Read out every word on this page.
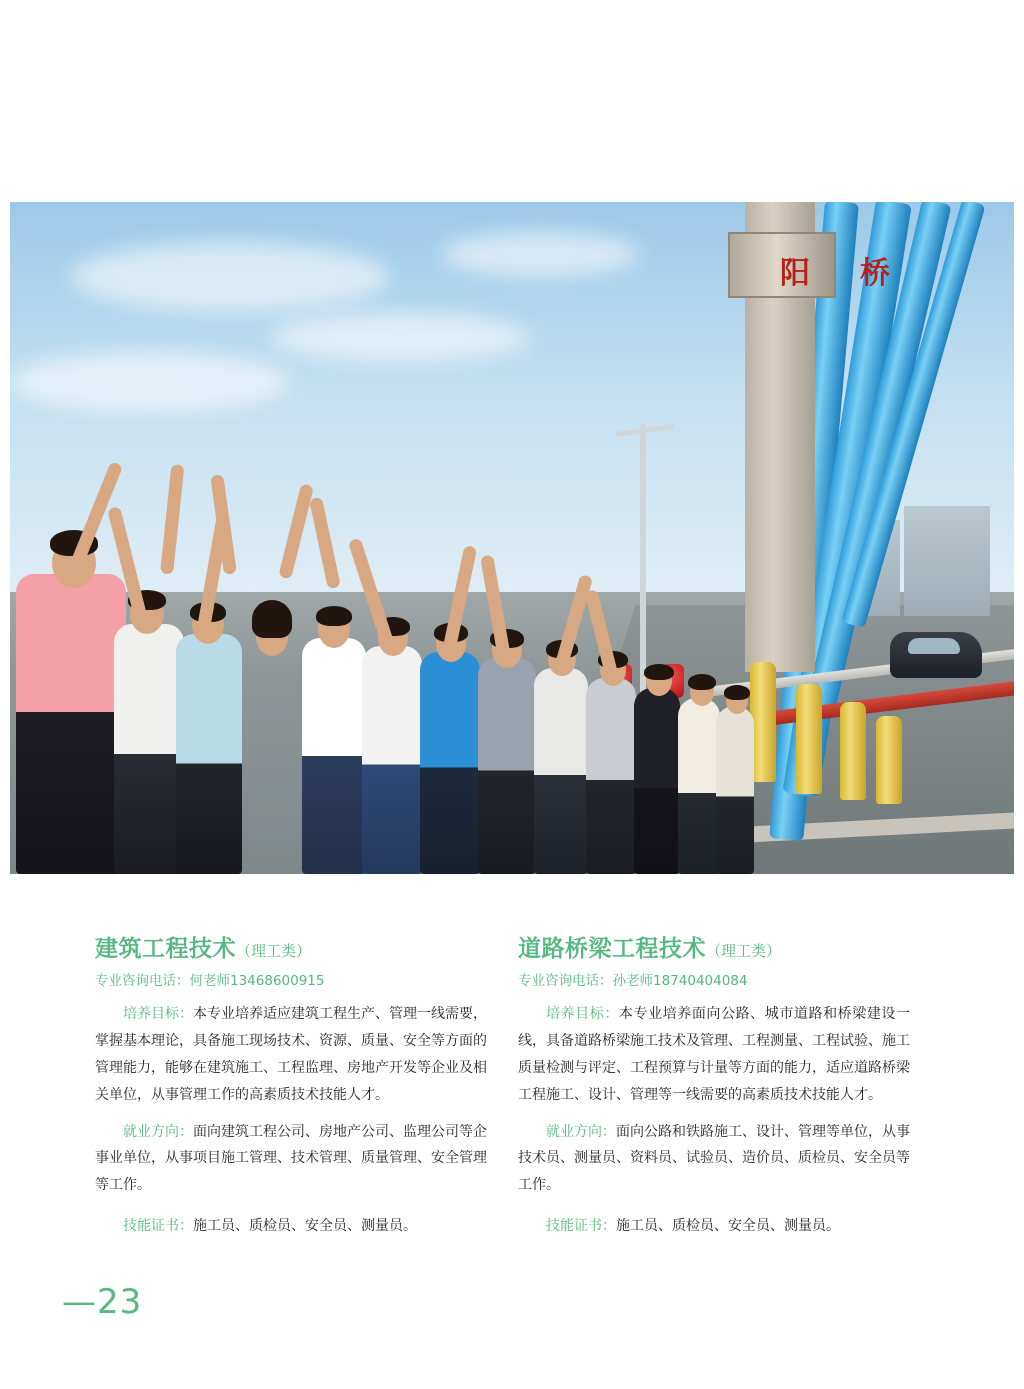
阳 桥
建筑工程技术（理工类）

专业咨询电话：何老师13468600915

培养目标：本专业培养适应建筑工程生产、管理一线需要，掌握基本理论，具备施工现场技术、资源、质量、安全等方面的管理能力，能够在建筑施工、工程监理、房地产开发等企业及相关单位，从事管理工作的高素质技术技能人才。

就业方向：面向建筑工程公司、房地产公司、监理公司等企事业单位，从事项目施工管理、技术管理、质量管理、安全管理等工作。

技能证书：施工员、质检员、安全员、测量员。

道路桥梁工程技术（理工类）

专业咨询电话：孙老师18740404084

培养目标：本专业培养面向公路、城市道路和桥梁建设一线，具备道路桥梁施工技术及管理、工程测量、工程试验、施工质量检测与评定、工程预算与计量等方面的能力，适应道路桥梁工程施工、设计、管理等一线需要的高素质技术技能人才。

就业方向：面向公路和铁路施工、设计、管理等单位，从事技术员、测量员、资料员、试验员、造价员、质检员、安全员等工作。

技能证书：施工员、质检员、安全员、测量员。

—23
